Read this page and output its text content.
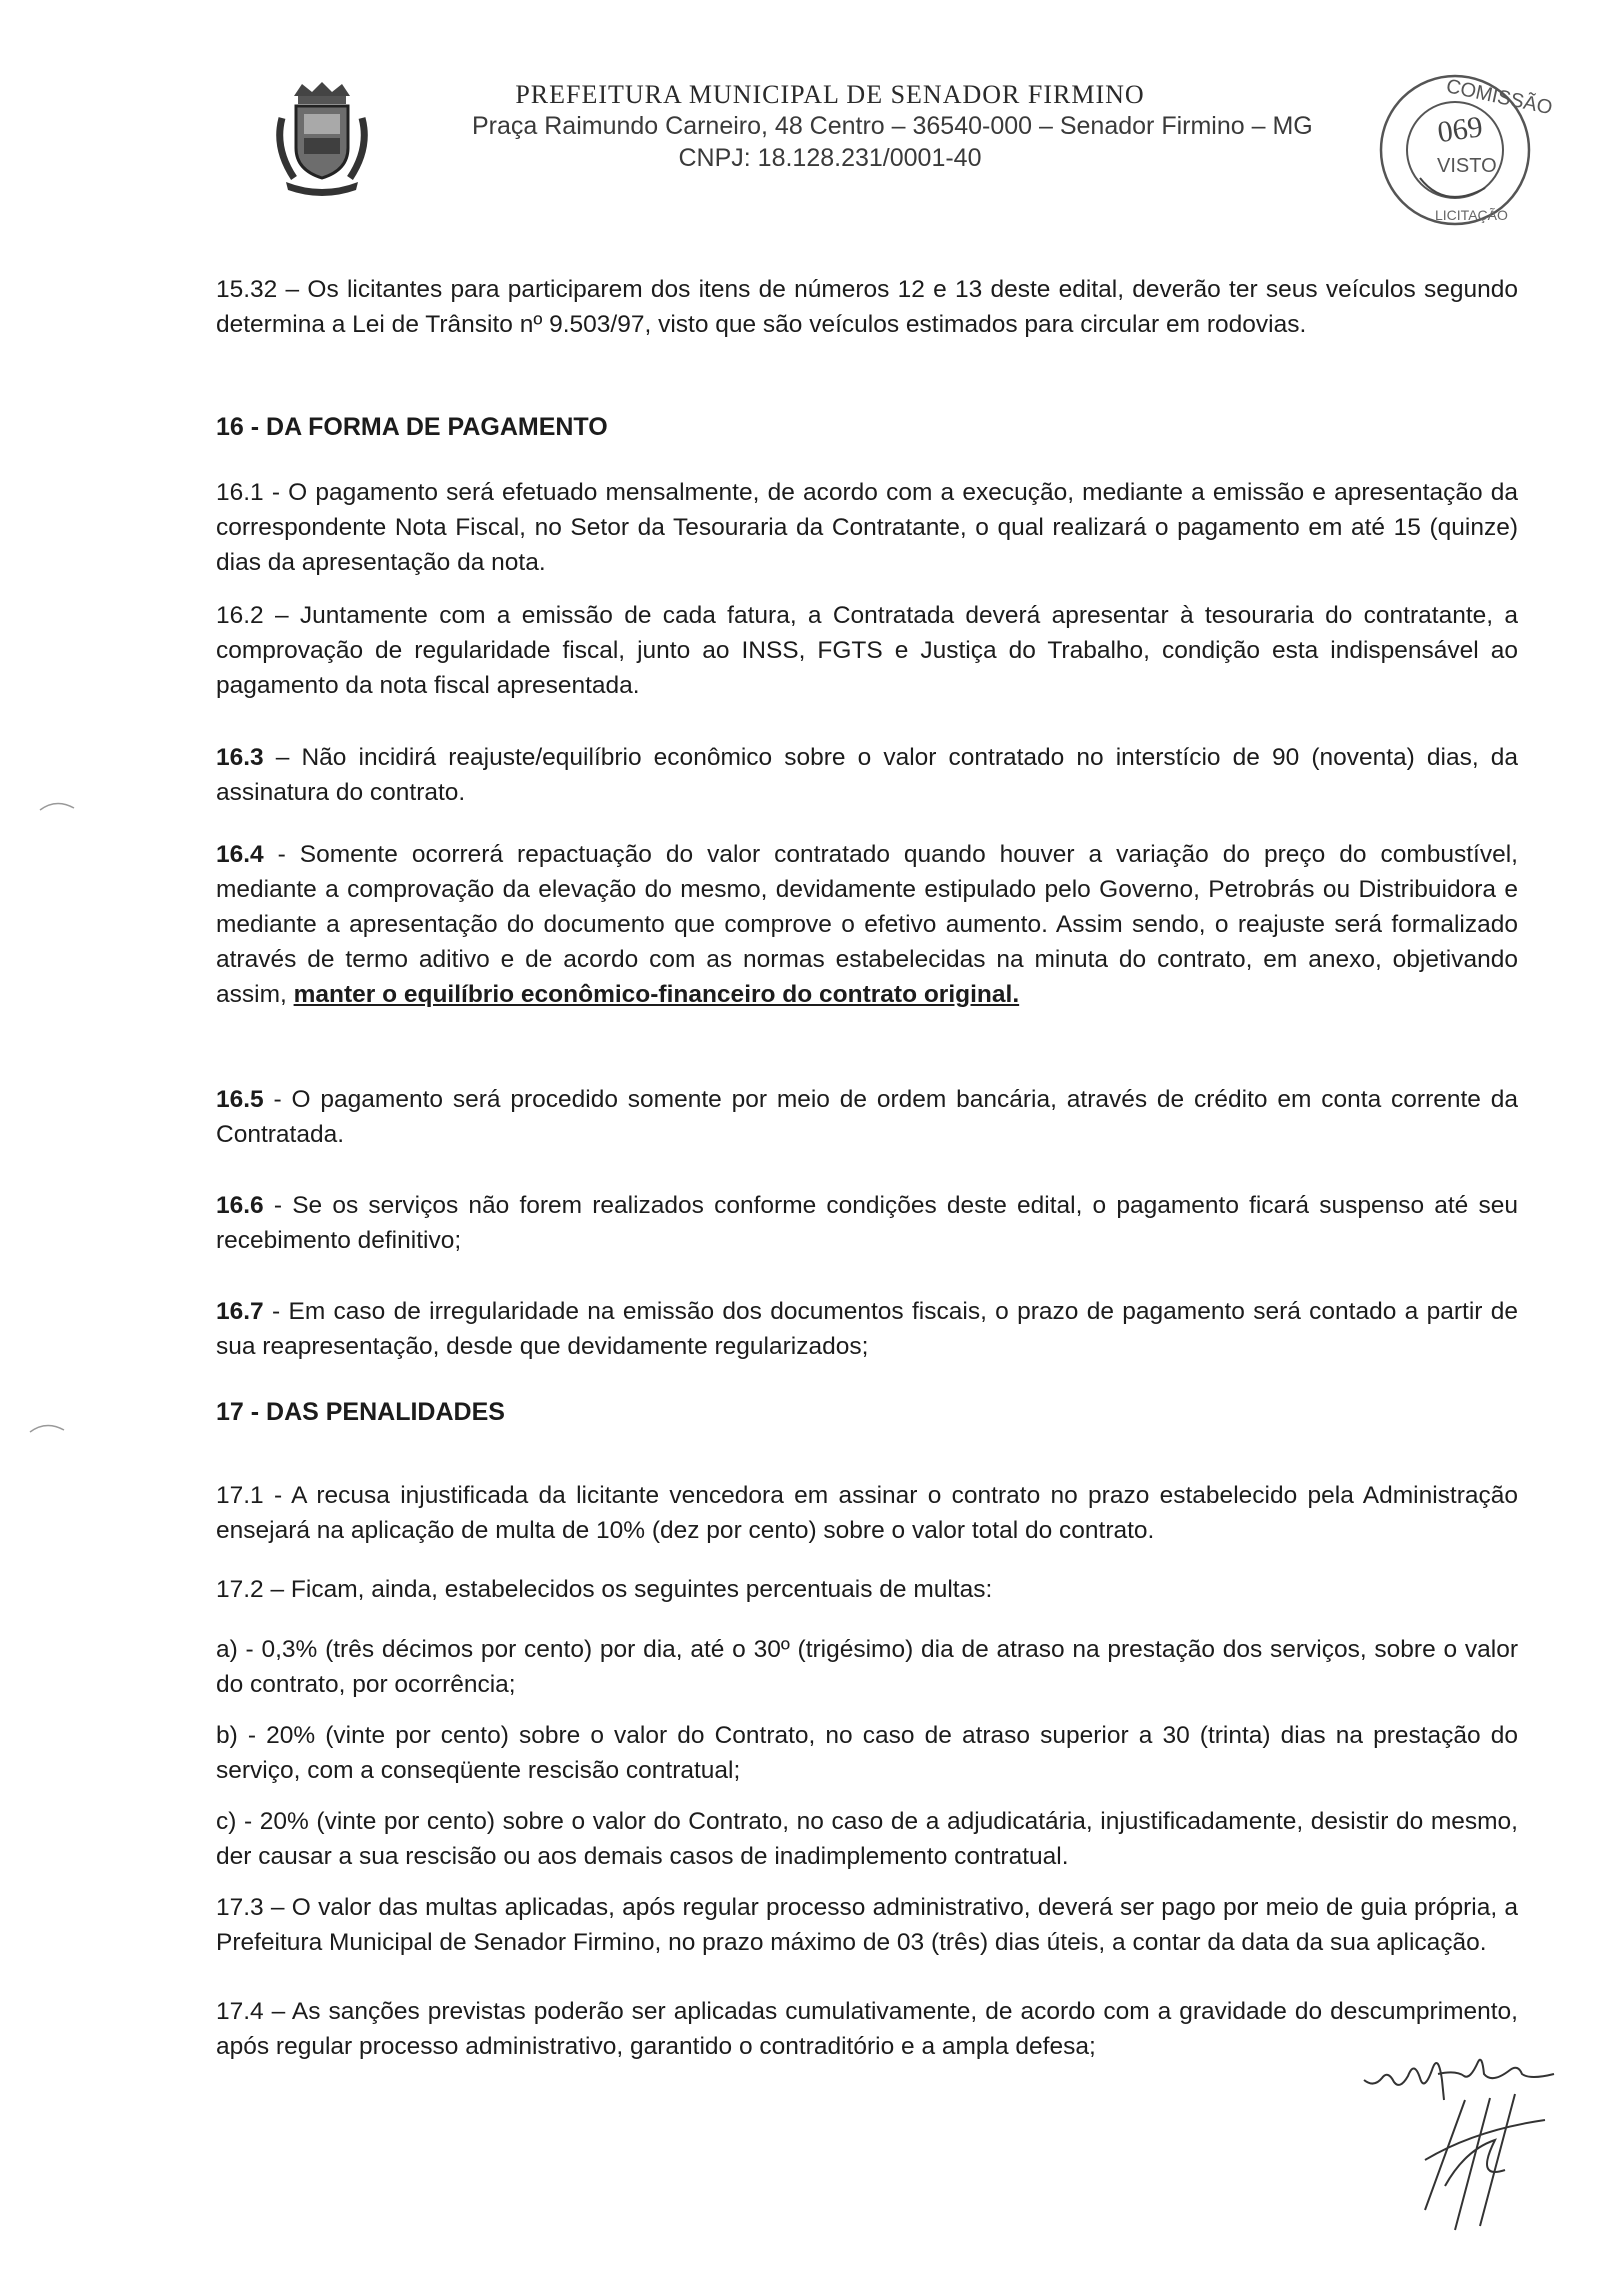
PREFEITURA MUNICIPAL DE SENADOR FIRMINO
Praça Raimundo Carneiro, 48 Centro – 36540-000 – Senador Firmino – MG
CNPJ: 18.128.231/0001-40
COMISSÃO
069
VISTO
LICITAÇÃO

15.32 – Os licitantes para participarem dos itens de números 12 e 13 deste edital, deverão ter seus veículos segundo determina a Lei de Trânsito nº 9.503/97, visto que são veículos estimados para circular em rodovias.

16 - DA FORMA DE PAGAMENTO

16.1 - O pagamento será efetuado mensalmente, de acordo com a execução, mediante a emissão e apresentação da correspondente Nota Fiscal, no Setor da Tesouraria da Contratante, o qual realizará o pagamento em até 15 (quinze) dias da apresentação da nota.

16.2 – Juntamente com a emissão de cada fatura, a Contratada deverá apresentar à tesouraria do contratante, a comprovação de regularidade fiscal, junto ao INSS, FGTS e Justiça do Trabalho, condição esta indispensável ao pagamento da nota fiscal apresentada.

16.3 – Não incidirá reajuste/equilíbrio econômico sobre o valor contratado no interstício de 90 (noventa) dias, da assinatura do contrato.

16.4 - Somente ocorrerá repactuação do valor contratado quando houver a variação do preço do combustível, mediante a comprovação da elevação do mesmo, devidamente estipulado pelo Governo, Petrobrás ou Distribuidora e mediante a apresentação do documento que comprove o efetivo aumento. Assim sendo, o reajuste será formalizado através de termo aditivo e de acordo com as normas estabelecidas na minuta do contrato, em anexo, objetivando assim, manter o equilíbrio econômico-financeiro do contrato original.

16.5 - O pagamento será procedido somente por meio de ordem bancária, através de crédito em conta corrente da Contratada.

16.6 - Se os serviços não forem realizados conforme condições deste edital, o pagamento ficará suspenso até seu recebimento definitivo;

16.7 - Em caso de irregularidade na emissão dos documentos fiscais, o prazo de pagamento será contado a partir de sua reapresentação, desde que devidamente regularizados;

17 - DAS PENALIDADES

17.1 - A recusa injustificada da licitante vencedora em assinar o contrato no prazo estabelecido pela Administração ensejará na aplicação de multa de 10% (dez por cento) sobre o valor total do contrato.

17.2 – Ficam, ainda, estabelecidos os seguintes percentuais de multas:

a) - 0,3% (três décimos por cento) por dia, até o 30º (trigésimo) dia de atraso na prestação dos serviços, sobre o valor do contrato, por ocorrência;

b) - 20% (vinte por cento) sobre o valor do Contrato, no caso de atraso superior a 30 (trinta) dias na prestação do serviço, com a conseqüente rescisão contratual;

c) - 20% (vinte por cento) sobre o valor do Contrato, no caso de a adjudicatária, injustificadamente, desistir do mesmo, der causar a sua rescisão ou aos demais casos de inadimplemento contratual.

17.3 – O valor das multas aplicadas, após regular processo administrativo, deverá ser pago por meio de guia própria, a Prefeitura Municipal de Senador Firmino, no prazo máximo de 03 (três) dias úteis, a contar da data da sua aplicação.

17.4 – As sanções previstas poderão ser aplicadas cumulativamente, de acordo com a gravidade do descumprimento, após regular processo administrativo, garantido o contraditório e a ampla defesa;
